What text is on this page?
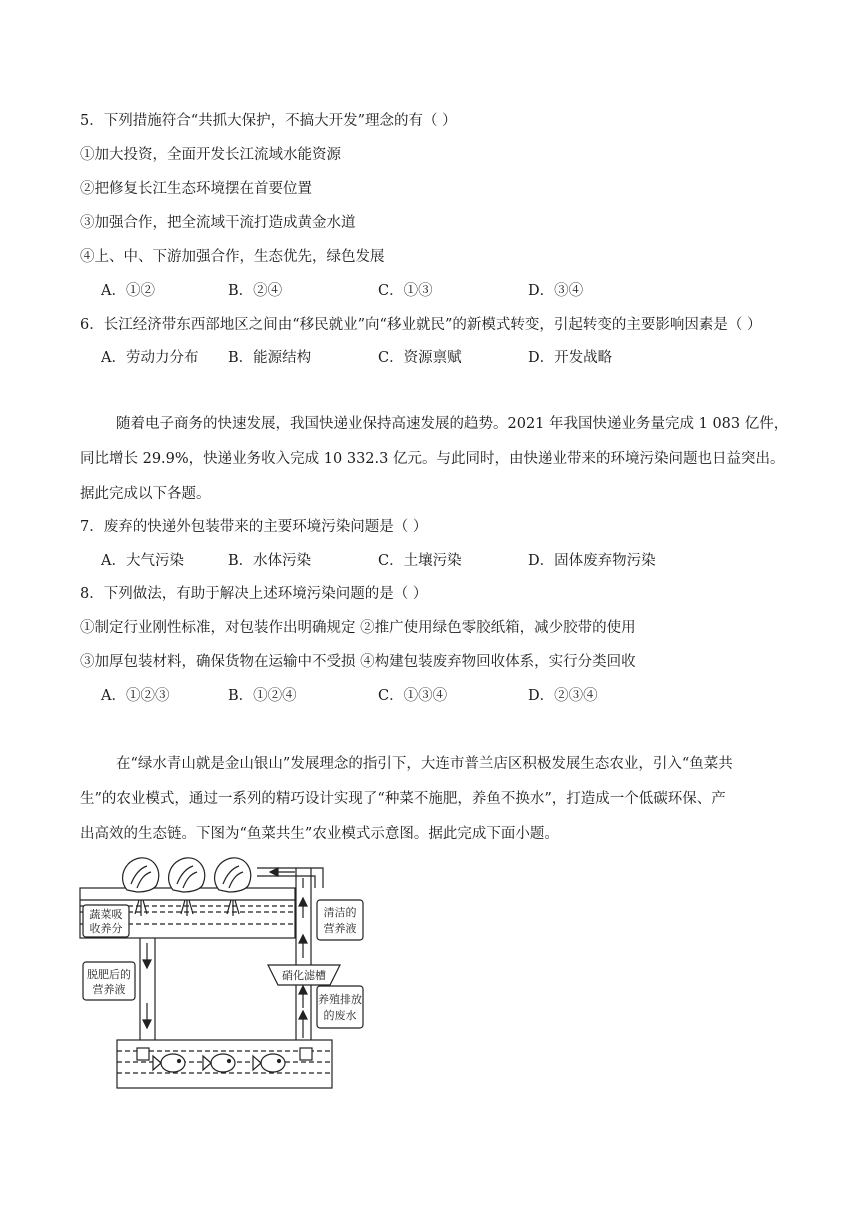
5．下列措施符合“共抓大保护，不搞大开发”理念的有（ ）
①加大投资，全面开发长江流域水能资源
②把修复长江生态环境摆在首要位置
③加强合作，把全流域干流打造成黄金水道
④上、中、下游加强合作，生态优先，绿色发展
A．①②	B．②④	C．①③	D．③④
6．长江经济带东西部地区之间由“移民就业”向“移业就民”的新模式转变，引起转变的主要影响因素是（ ）
A．劳动力分布 B．能源结构	C．资源禀赋	D．开发战略
随着电子商务的快速发展，我国快递业保持高速发展的趋势。2021 年我国快递业务量完成 1 083 亿件，
同比增长 29.9%，快递业务收入完成 10 332.3 亿元。与此同时，由快递业带来的环境污染问题也日益突出。
据此完成以下各题。
7．废弃的快递外包装带来的主要环境污染问题是（ ）
A．大气污染	B．水体污染	C．土壤污染	D．固体废弃物污染
8．下列做法，有助于解决上述环境污染问题的是（ ）
①制定行业刚性标准，对包装作出明确规定 ②推广使用绿色零胶纸箱，减少胶带的使用
③加厚包装材料，确保货物在运输中不受损 ④构建包装废弃物回收体系，实行分类回收
A．①②③	B．①②④	C．①③④	D．②③④
在“绿水青山就是金山银山”发展理念的指引下，大连市普兰店区积极发展生态农业，引入“鱼菜共
生”的农业模式，通过一系列的精巧设计实现了“种菜不施肥，养鱼不换水”，打造成一个低碳环保、产
出高效的生态链。下图为“鱼菜共生”农业模式示意图。据此完成下面小题。
蔬菜吸
收养分
脱肥后的
营养液
清洁的
营养液
硝化滤槽
养殖排放
的废水
